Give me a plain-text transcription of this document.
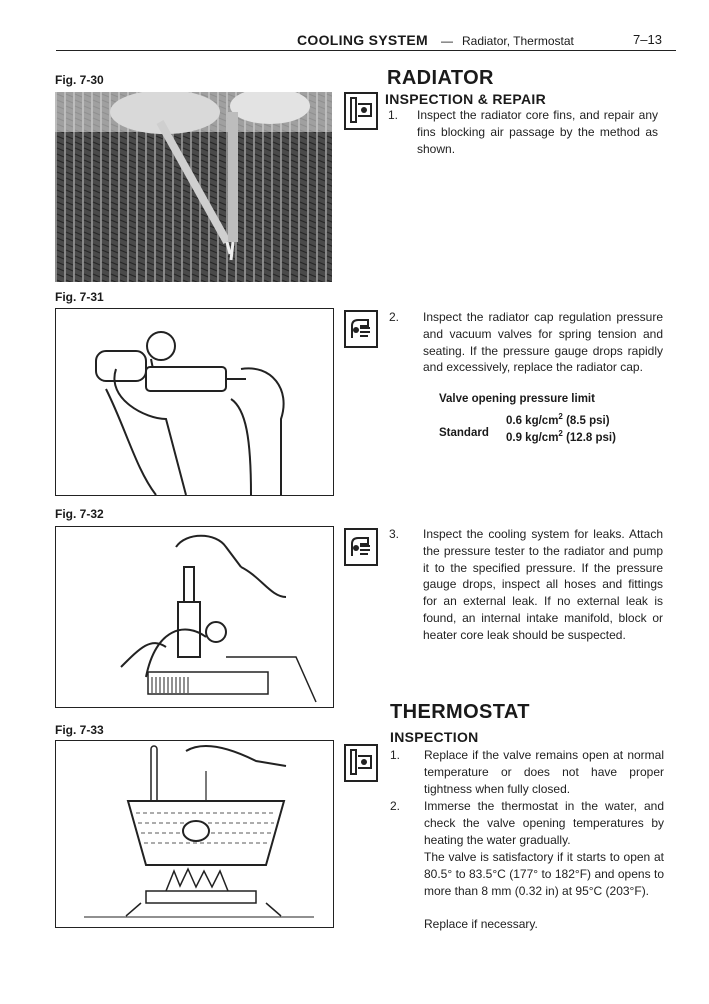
COOLING SYSTEM — Radiator, Thermostat	7–13
Fig. 7-30	RADIATOR
INSPECTION & REPAIR
1. Inspect the radiator core fins, and repair any fins blocking air passage by the method as shown.
Fig. 7-31
2. Inspect the radiator cap regulation pressure and vacuum valves for spring tension and seating. If the pressure gauge drops rapidly and excessively, replace the radiator cap.
Valve opening pressure limit
0.6 $kg/cm^2$ (8.5 psi)
Standard 0.9 $kg/cm^2$ (12.8 psi)
Fig. 7-32
3. Inspect the cooling system for leaks. Attach the pressure tester to the radiator and pump it to the specified pressure. If the pressure gauge drops, inspect all hoses and fittings for an external leak. If no external leak is found, an internal intake manifold, block or heater core leak should be suspected.
THERMOSTAT
INSPECTION
Fig. 7-33
1. Replace if the valve remains open at normal temperature or does not have proper tightness when fully closed.
2. Immerse the thermostat in the water, and check the valve opening temperatures by heating the water gradually.
The valve is satisfactory if it starts to open at 80.5° to 83.5°C (177° to 182°F) and opens to more than 8 mm (0.32 in) at 95°C (203°F).
Replace if necessary.
